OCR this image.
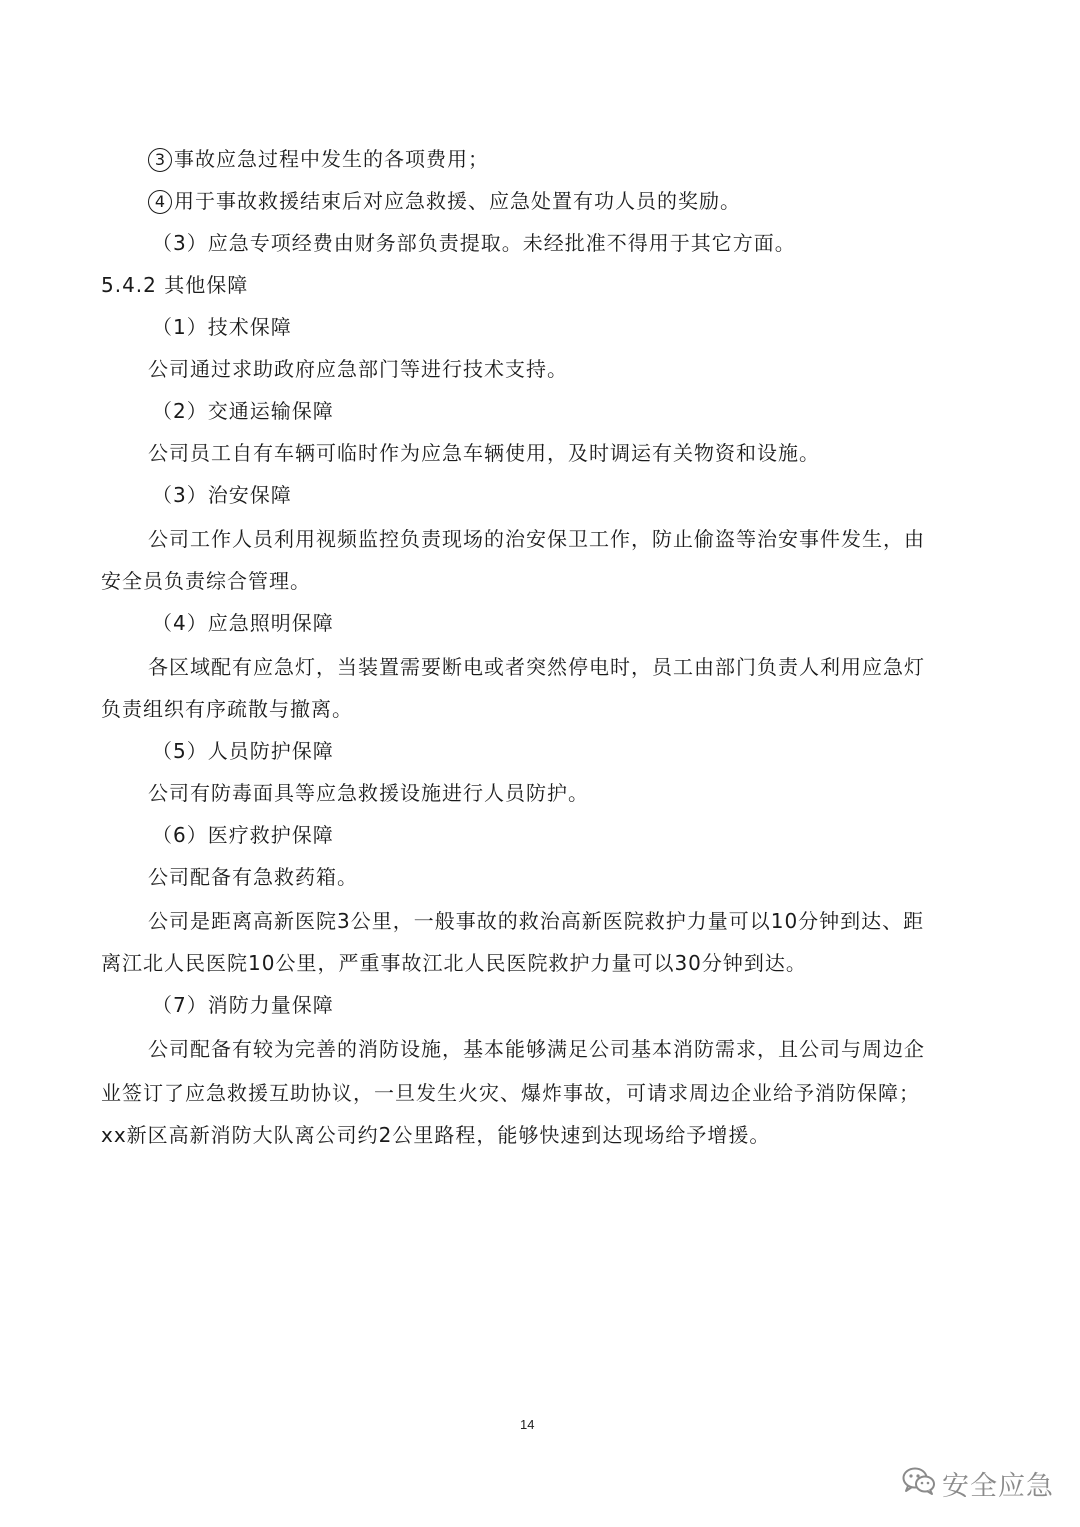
3 事故应急过程中发生的各项费用；
4 用于事故救援结束后对应急救援、应急处置有功人员的奖励。
（3）应急专项经费由财务部负责提取。未经批准不得用于其它方面。
5.4.2 其他保障
（1）技术保障
公司通过求助政府应急部门等进行技术支持。
（2）交通运输保障
公司员工自有车辆可临时作为应急车辆使用，及时调运有关物资和设施。
（3）治安保障
公司工作人员利用视频监控负责现场的治安保卫工作，防止偷盗等治安事件发生，由
安全员负责综合管理。
（4）应急照明保障
各区域配有应急灯，当装置需要断电或者突然停电时，员工由部门负责人利用应急灯
负责组织有序疏散与撤离。
（5）人员防护保障
公司有防毒面具等应急救援设施进行人员防护。
（6）医疗救护保障
公司配备有急救药箱。
公司是距离高新医院3公里，一般事故的救治高新医院救护力量可以10分钟到达、距
离江北人民医院10公里，严重事故江北人民医院救护力量可以30分钟到达。
（7）消防力量保障
公司配备有较为完善的消防设施，基本能够满足公司基本消防需求，且公司与周边企
业签订了应急救援互助协议，一旦发生火灾、爆炸事故，可请求周边企业给予消防保障；
xx新区高新消防大队离公司约2公里路程，能够快速到达现场给予增援。
14
安全应急
